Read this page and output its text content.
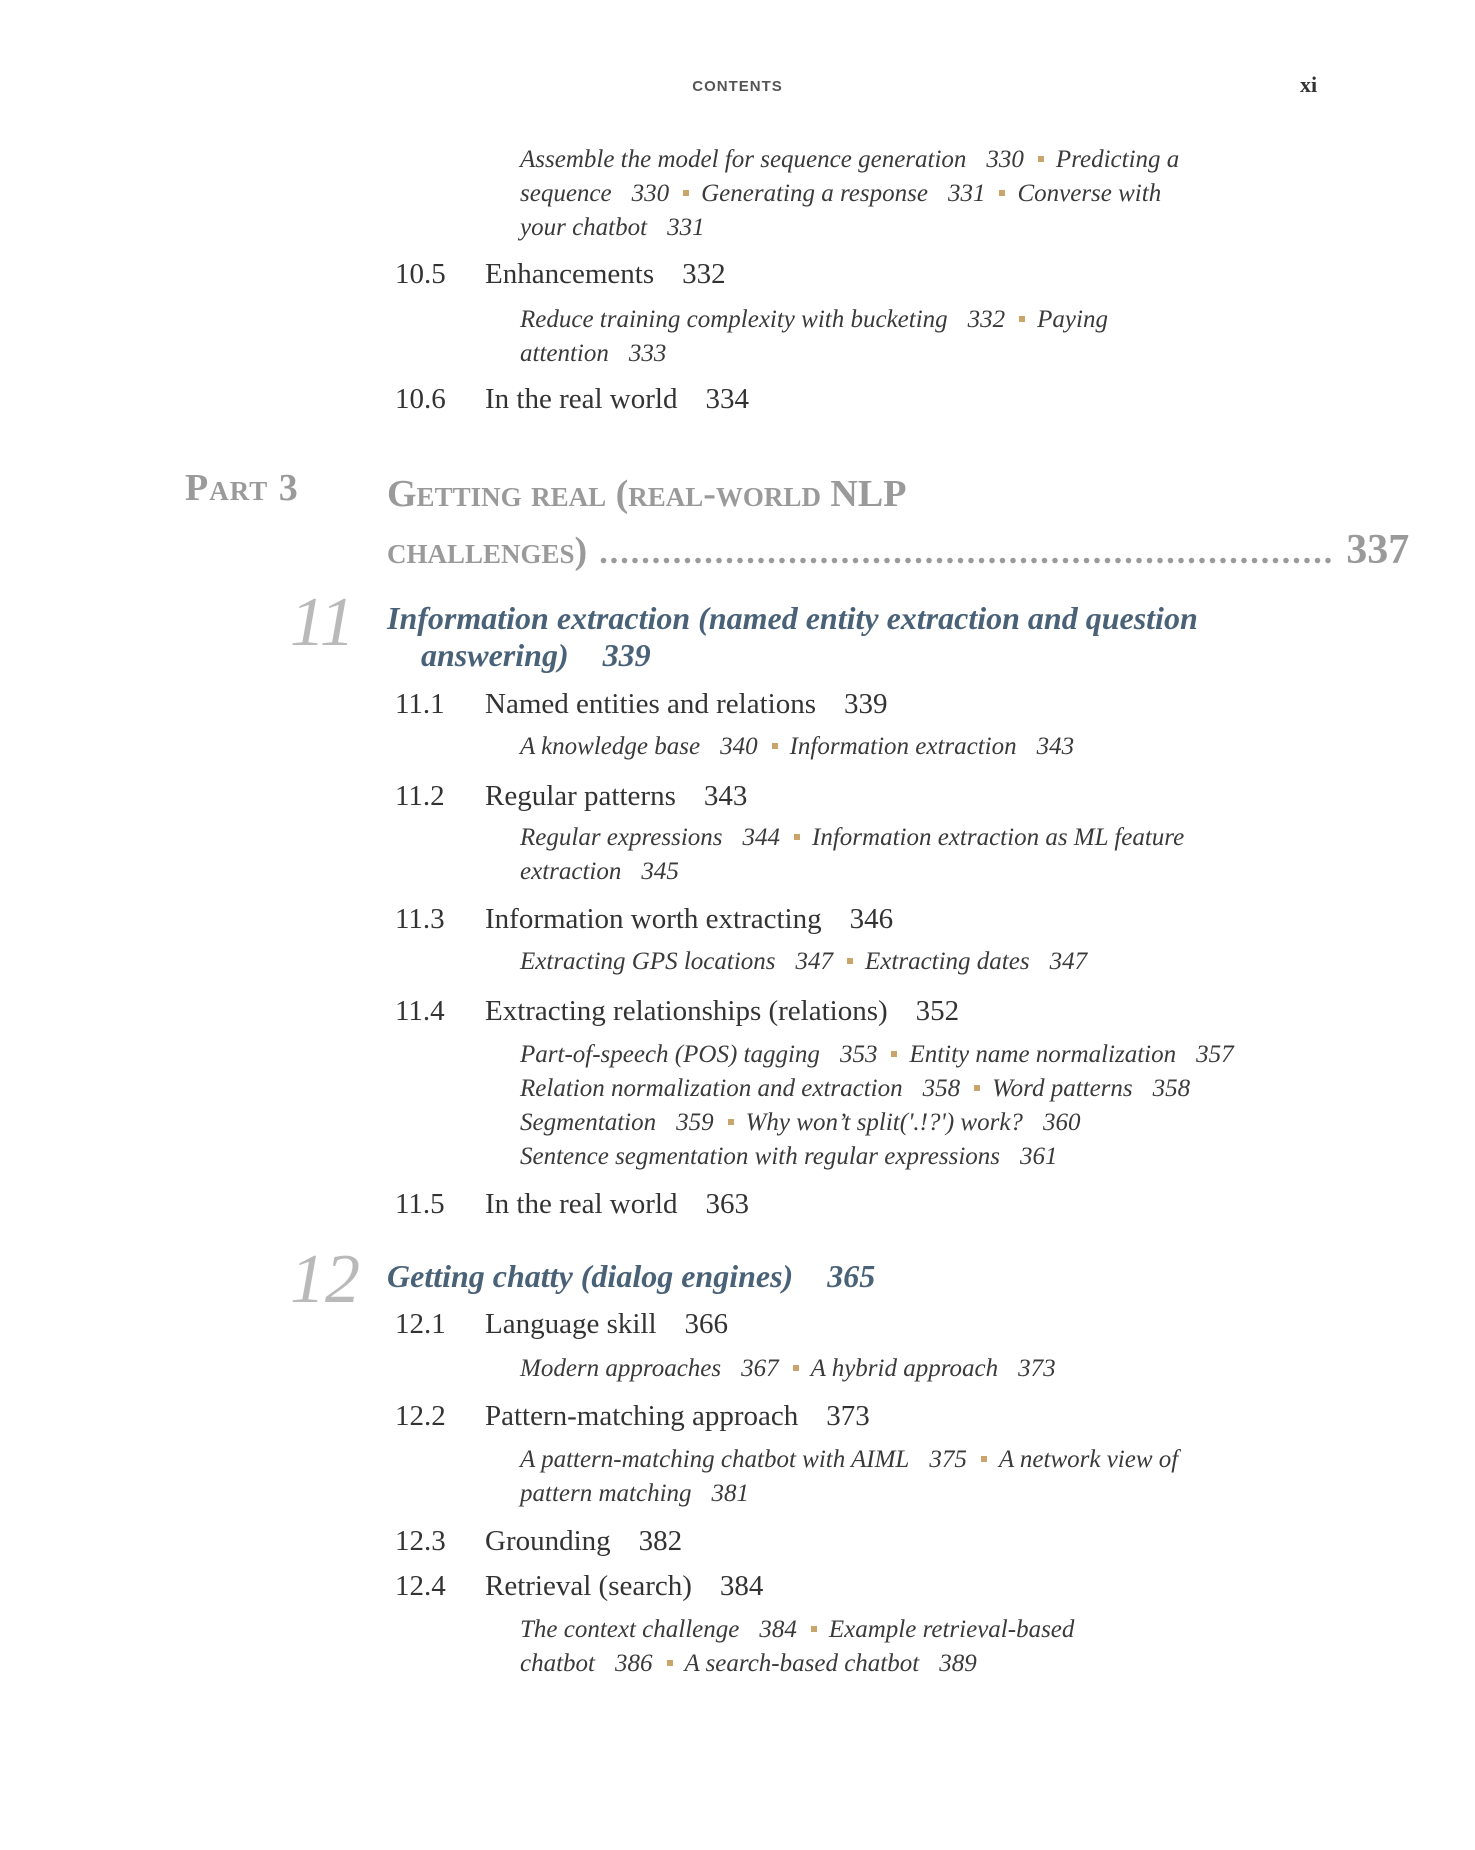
CONTENTS	xi
Assemble the model for sequence generation 330 Predicting a
sequence 330 Generating a response 331 Converse with
your chatbot 331
10.5 Enhancements 332
Reduce training complexity with bucketing 332 Paying
attention 333
10.6 In the real world 334
Part 3 Getting real (real-world NLP
challenges) ...................................................................... 337
11 Information extraction (named entity extraction and question
answering) 339
11.1 Named entities and relations 339
A knowledge base 340 Information extraction 343
11.2 Regular patterns 343
Regular expressions 344 Information extraction as ML feature
extraction 345
11.3 Information worth extracting 346
Extracting GPS locations 347 Extracting dates 347
11.4 Extracting relationships (relations) 352
Part-of-speech (POS) tagging 353 Entity name normalization 357
Relation normalization and extraction 358 Word patterns 358
Segmentation 359 Why won’t split('.!?') work? 360
Sentence segmentation with regular expressions 361
11.5 In the real world 363
12 Getting chatty (dialog engines) 365
12.1 Language skill 366
Modern approaches 367 A hybrid approach 373
12.2 Pattern-matching approach 373
A pattern-matching chatbot with AIML 375 A network view of
pattern matching 381
12.3 Grounding 382
12.4 Retrieval (search) 384
The context challenge 384 Example retrieval-based
chatbot 386 A search-based chatbot 389
